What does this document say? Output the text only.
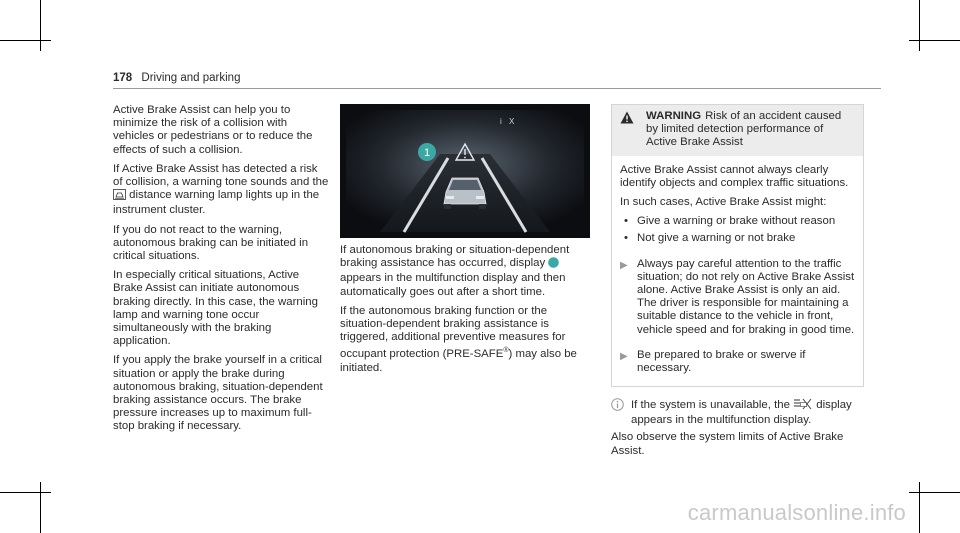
178 Driving and parking

Active Brake Assist can help you to minimize the risk of a collision with vehicles or pedestrians or to reduce the effects of such a collision.

If Active Brake Assist has detected a risk of collision, a warning tone sounds and the  distance warning lamp lights up in the instrument cluster.

If you do not react to the warning, autonomous braking can be initiated in critical situations.

In especially critical situations, Active Brake Assist can initiate autonomous braking directly. In this case, the warning lamp and warning tone occur simultaneously with the braking application.

If you apply the brake yourself in a critical situation or apply the brake during autonomous braking, situation-dependent braking assistance occurs. The brake pressure increases up to maximum full-stop braking if necessary.

1
i X

If autonomous braking or situation-dependent braking assistance has occurred, display  appears in the multifunction display and then automatically goes out after a short time.

If the autonomous braking function or the situation-dependent braking assistance is triggered, additional preventive measures for occupant protection (PRE-SAFE®) may also be initiated.

WARNING Risk of an accident caused by limited detection performance of Active Brake Assist

Active Brake Assist cannot always clearly identify objects and complex traffic situations.

In such cases, Active Brake Assist might:

• Give a warning or brake without reason
• Not give a warning or not brake
▶ Always pay careful attention to the traffic situation; do not rely on Active Brake Assist alone. Active Brake Assist is only an aid. The driver is responsible for maintaining a suitable distance to the vehicle in front, vehicle speed and for braking in good time.
▶ Be prepared to brake or swerve if necessary.
If the system is unavailable, the display appears in the multifunction display.

Also observe the system limits of Active Brake Assist.

carmanualsonline.info
